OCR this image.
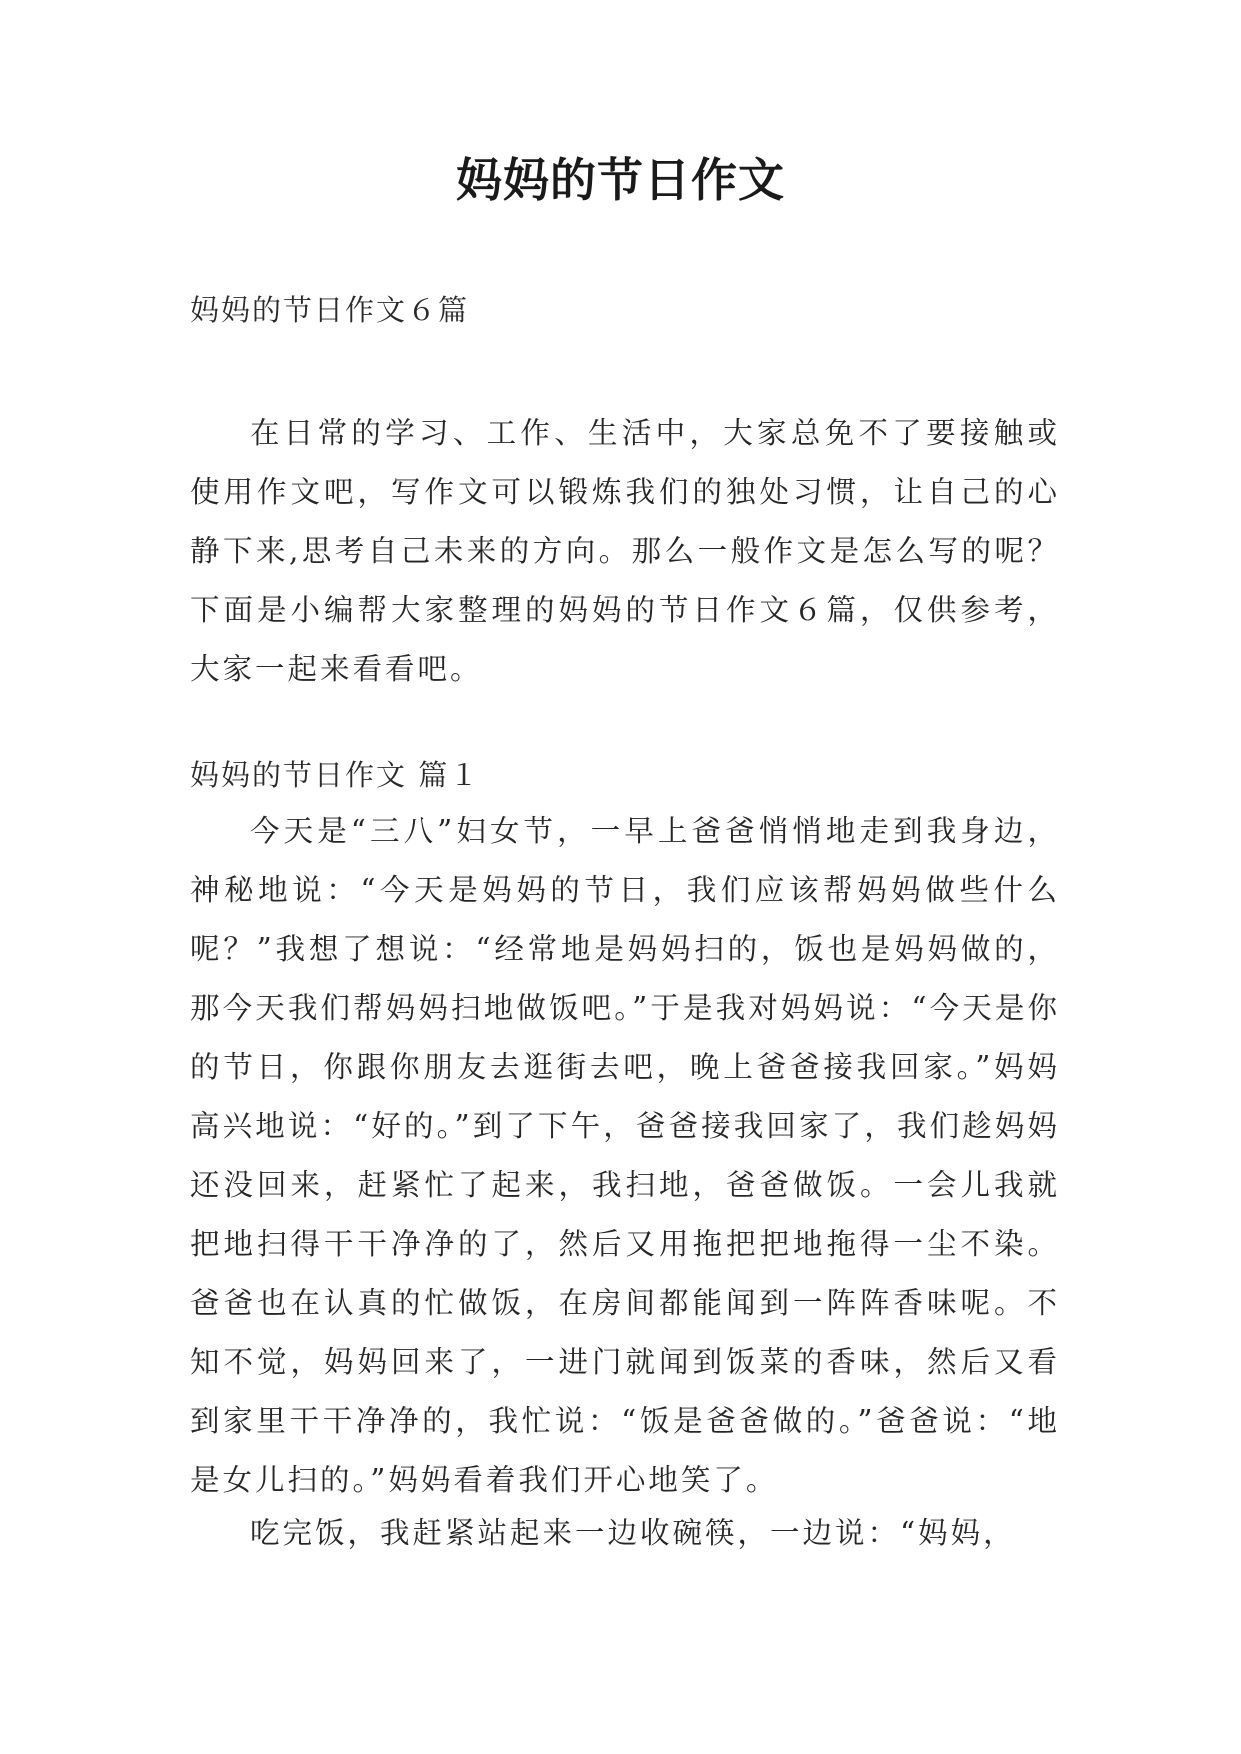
妈妈的节日作文
妈妈的节日作文６篇

在日常的学习、工作、生活中，大家总免不了要接触或使用作文吧，写作文可以锻炼我们的独处习惯，让自己的心静下来,思考自己未来的方向。那么一般作文是怎么写的呢？下面是小编帮大家整理的妈妈的节日作文６篇，仅供参考，大家一起来看看吧。

妈妈的节日作文 篇１

今天是“三八”妇女节，一早上爸爸悄悄地走到我身边，神秘地说：“今天是妈妈的节日，我们应该帮妈妈做些什么呢？”我想了想说：“经常地是妈妈扫的，饭也是妈妈做的，那今天我们帮妈妈扫地做饭吧。”于是我对妈妈说：“今天是你的节日，你跟你朋友去逛街去吧，晚上爸爸接我回家。”妈妈高兴地说：“好的。”到了下午，爸爸接我回家了，我们趁妈妈还没回来，赶紧忙了起来，我扫地，爸爸做饭。一会儿我就把地扫得干干净净的了，然后又用拖把把地拖得一尘不染。爸爸也在认真的忙做饭，在房间都能闻到一阵阵香味呢。不知不觉，妈妈回来了，一进门就闻到饭菜的香味，然后又看到家里干干净净的，我忙说：“饭是爸爸做的。”爸爸说：“地是女儿扫的。”妈妈看着我们开心地笑了。

吃完饭，我赶紧站起来一边收碗筷，一边说：“妈妈，
